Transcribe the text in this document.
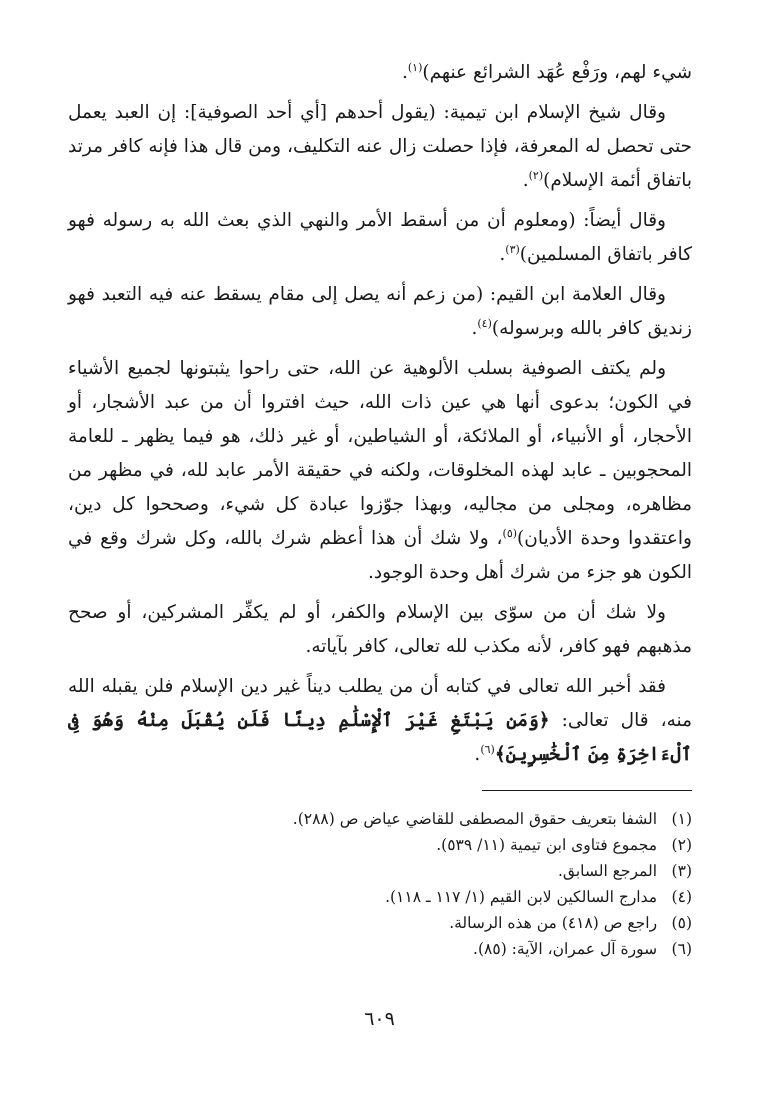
شيء لهم، ورَفْع عُهَد الشرائع عنهم)$^{(١)}$.

وقال شيخ الإسلام ابن تيمية: (يقول أحدهم [أي أحد الصوفية]: إن العبد يعمل حتى تحصل له المعرفة، فإذا حصلت زال عنه التكليف، ومن قال هذا فإنه كافر مرتد باتفاق أئمة الإسلام)$^{(٢)}$.

وقال أيضاً: (ومعلوم أن من أسقط الأمر والنهي الذي بعث الله به رسوله فهو كافر باتفاق المسلمين)$^{(٣)}$.

وقال العلامة ابن القيم: (من زعم أنه يصل إلى مقام يسقط عنه فيه التعبد فهو زنديق كافر بالله وبرسوله)$^{(٤)}$.

ولم يكتف الصوفية بسلب الألوهية عن الله، حتى راحوا يثبتونها لجميع الأشياء في الكون؛ بدعوى أنها هي عين ذات الله، حيث افتروا أن من عبد الأشجار، أو الأحجار، أو الأنبياء، أو الملائكة، أو الشياطين، أو غير ذلك، هو فيما يظهر ـ للعامة المحجوبين ـ عابد لهذه المخلوقات، ولكنه في حقيقة الأمر عابد لله، في مظهر من مظاهره، ومجلى من مجاليه، وبهذا جوّزوا عبادة كل شيء، وصححوا كل دين، واعتقدوا وحدة الأديان)$^{(٥)}$، ولا شك أن هذا أعظم شرك بالله، وكل شرك وقع في الكون هو جزء من شرك أهل وحدة الوجود.

ولا شك أن من سوّى بين الإسلام والكفر، أو لم يكفِّر المشركين، أو صحح مذهبهم فهو كافر، لأنه مكذب لله تعالى، كافر بآياته.

فقد أخبر الله تعالى في كتابه أن من يطلب ديناً غير دين الإسلام فلن يقبله الله منه، قال تعالى: ﴿وَمَن يَبْتَغِ غَيْرَ ٱلْإِسْلَٰمِ دِينًا فَلَن يُقْبَلَ مِنْهُ وَهُوَ فِى ٱلْءَاخِرَةِ مِنَ ٱلْخَٰسِرِينَ﴾$^{(٦)}$.

(١) الشفا بتعريف حقوق المصطفى للقاضي عياض ص (٢٨٨).

(٢) مجموع فتاوى ابن تيمية (١١/ ٥٣٩).

(٣) المرجع السابق.

(٤) مدارج السالكين لابن القيم (١/ ١١٧ ـ ١١٨).

(٥) راجع ص (٤١٨) من هذه الرسالة.

(٦) سورة آل عمران، الآية: (٨٥).

٦٠٩
